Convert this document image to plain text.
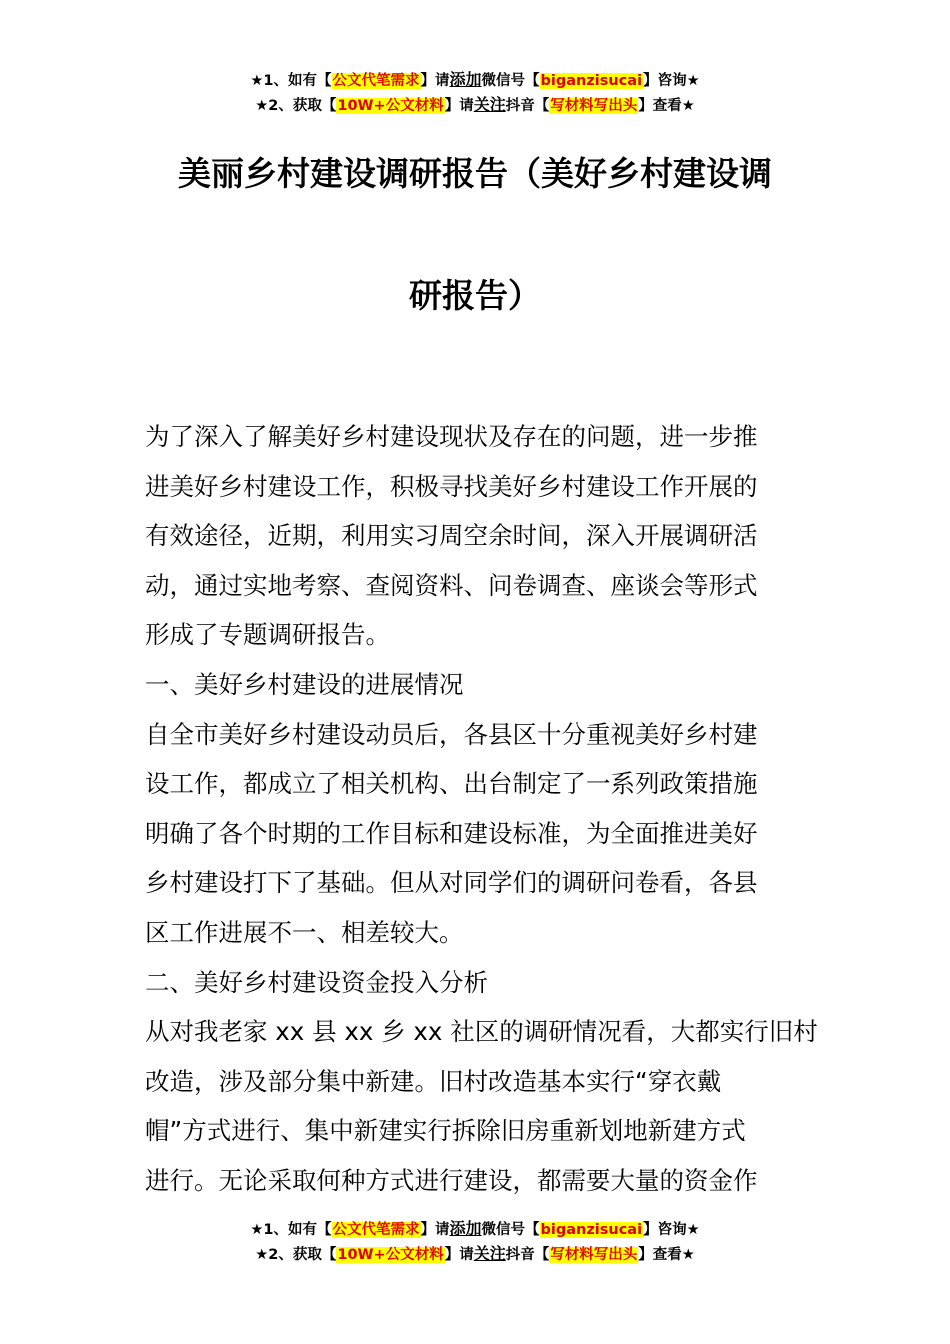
★1、如有【公文代笔需求】请添加微信号【biganzisucai】咨询★
★2、获取【10W+公文材料】请关注抖音【写材料写出头】查看★
美丽乡村建设调研报告（美好乡村建设调
研报告）

为了深入了解美好乡村建设现状及存在的问题，进一步推

进美好乡村建设工作，积极寻找美好乡村建设工作开展的

有效途径，近期，利用实习周空余时间，深入开展调研活

动，通过实地考察、查阅资料、问卷调查、座谈会等形式

形成了专题调研报告。

一、美好乡村建设的进展情况

自全市美好乡村建设动员后，各县区十分重视美好乡村建

设工作，都成立了相关机构、出台制定了一系列政策措施

明确了各个时期的工作目标和建设标准，为全面推进美好

乡村建设打下了基础。但从对同学们的调研问卷看，各县

区工作进展不一、相差较大。

二、美好乡村建设资金投入分析

从对我老家 xx 县 xx 乡 xx 社区的调研情况看，大都实行旧村

改造，涉及部分集中新建。旧村改造基本实行“穿衣戴

帽”方式进行、集中新建实行拆除旧房重新划地新建方式

进行。无论采取何种方式进行建设，都需要大量的资金作

★1、如有【公文代笔需求】请添加微信号【biganzisucai】咨询★
★2、获取【10W+公文材料】请关注抖音【写材料写出头】查看★
